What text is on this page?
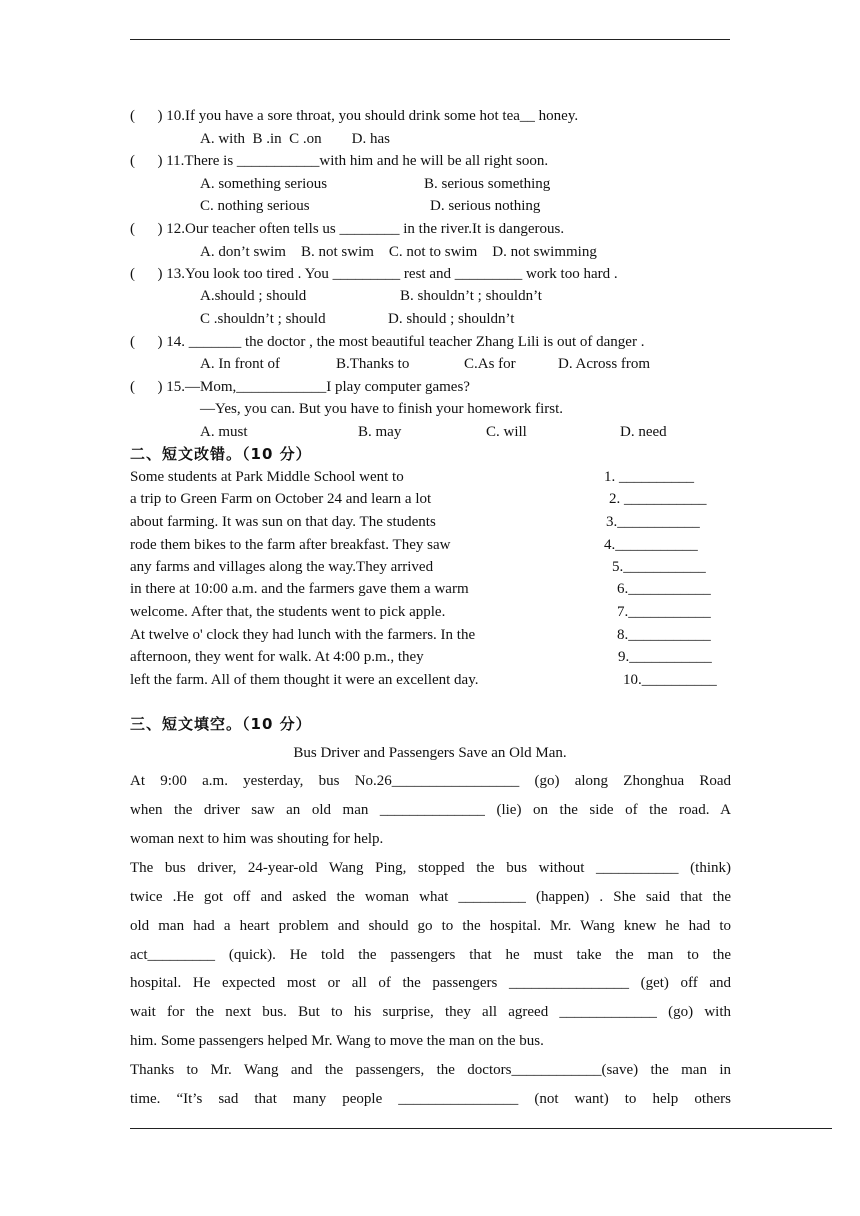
(      ) 10.If you have a sore throat, you should drink some hot tea__ honey.
A. with  B .in  C .on        D. has
(      ) 11.There is ___________with him and he will be all right soon.
A. something serious	B. serious something
C. nothing serious	D. serious nothing
(      ) 12.Our teacher often tells us ________ in the river.It is dangerous.
A. don’t swim    B. not swim    C. not to swim    D. not swimming
(      ) 13.You look too tired . You _________ rest and _________ work too hard .
A.should ; should	B. shouldn’t ; shouldn’t
C .shouldn’t ; should	D. should ; shouldn’t
(      ) 14. _______ the doctor , the most beautiful teacher Zhang Lili is out of danger .
A. In front of	B.Thanks to	C.As for	D. Across from
(      ) 15.—Mom,____________I play computer games?
—Yes, you can. But you have to finish your homework first.
A. must	B. may	C. will	D. need
二、短文改错。（10 分）
Some students at Park Middle School went to
a trip to Green Farm on October 24 and learn a lot
about farming. It was sun on that day. The students
rode them bikes to the farm after breakfast. They saw
any farms and villages along the way.They arrived
in there at 10:00 a.m. and the farmers gave them a warm
welcome. After that, the students went to pick apple.
At twelve o' clock they had lunch with the farmers. In the
afternoon, they went for walk. At 4:00 p.m., they
left the farm. All of them thought it were an excellent day.
1. __________
2. ___________
3.___________
4.___________
5.___________
6.___________
7.___________
8.___________
9.___________
10.__________
三、短文填空。（10 分）
Bus Driver and Passengers Save an Old Man.
At 9:00 a.m. yesterday, bus No.26_________________ (go) along Zhonghua Road
when the driver saw an old man ______________ (lie) on the side of the road. A
woman next to him was shouting for help.
The bus driver, 24-year-old Wang Ping, stopped the bus without ___________ (think)
twice .He got off and asked the woman what _________ (happen) . She said that the
old man had a heart problem and should go to the hospital. Mr. Wang knew he had to
act_________ (quick). He told the passengers that he must take the man to the
hospital. He expected most or all of the passengers ________________ (get) off and
wait for the next bus. But to his surprise, they all agreed _____________ (go) with
him. Some passengers helped Mr. Wang to move the man on the bus.
Thanks to Mr. Wang and the passengers, the doctors____________(save) the man in
time. “It’s sad that many people ________________ (not want) to help others
